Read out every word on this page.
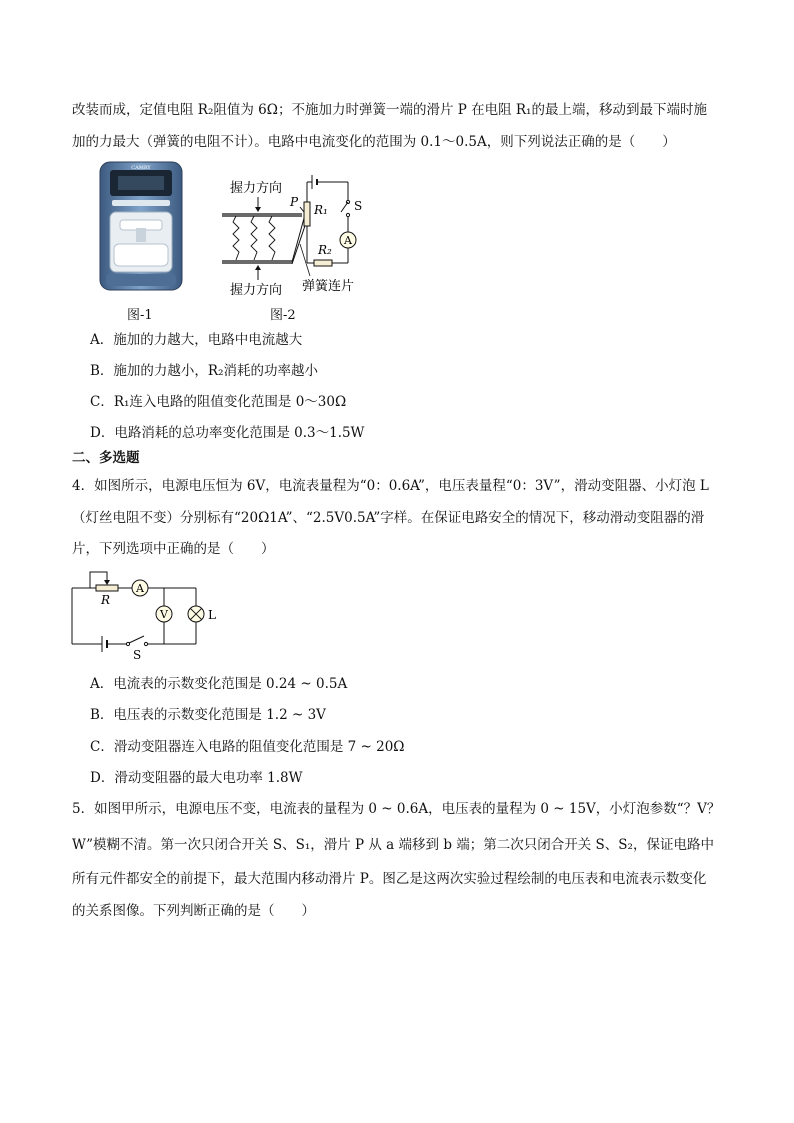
改装而成，定值电阻 R₂阻值为 6Ω；不施加力时弹簧一端的滑片 P 在电阻 R₁的最上端，移动到最下端时施
加的力最大（弹簧的电阻不计）。电路中电流变化的范围为 0.1～0.5A，则下列说法正确的是（　　）
CAMRY
握力方向
握力方向
P
R₁ S
A
R₂
弹簧连片
图-1	图-2
A．施加的力越大，电路中电流越大
B．施加的力越小，R₂消耗的功率越小
C．R₁连入电路的阻值变化范围是 0～30Ω
D．电路消耗的总功率变化范围是 0.3～1.5W
二、多选题
4．如图所示，电源电压恒为 6V，电流表量程为“0：0.6A”，电压表量程“0：3V”，滑动变阻器、小灯泡 L
（灯丝电阻不变）分别标有“20Ω1A”、“2.5V0.5A”字样。在保证电路安全的情况下，移动滑动变阻器的滑
片，下列选项中正确的是（　　）
R
A
V	L
S
A．电流表的示数变化范围是 0.24 ~ 0.5A
B．电压表的示数变化范围是 1.2 ~ 3V
C．滑动变阻器连入电路的阻值变化范围是 7 ~ 20Ω
D．滑动变阻器的最大电功率 1.8W
5．如图甲所示，电源电压不变，电流表的量程为 0 ~ 0.6A，电压表的量程为 0 ~ 15V，小灯泡参数“？V？
W”模糊不清。第一次只闭合开关 S、S₁，滑片 P 从 a 端移到 b 端；第二次只闭合开关 S、S₂，保证电路中
所有元件都安全的前提下，最大范围内移动滑片 P。图乙是这两次实验过程绘制的电压表和电流表示数变化
的关系图像。下列判断正确的是（　　）
